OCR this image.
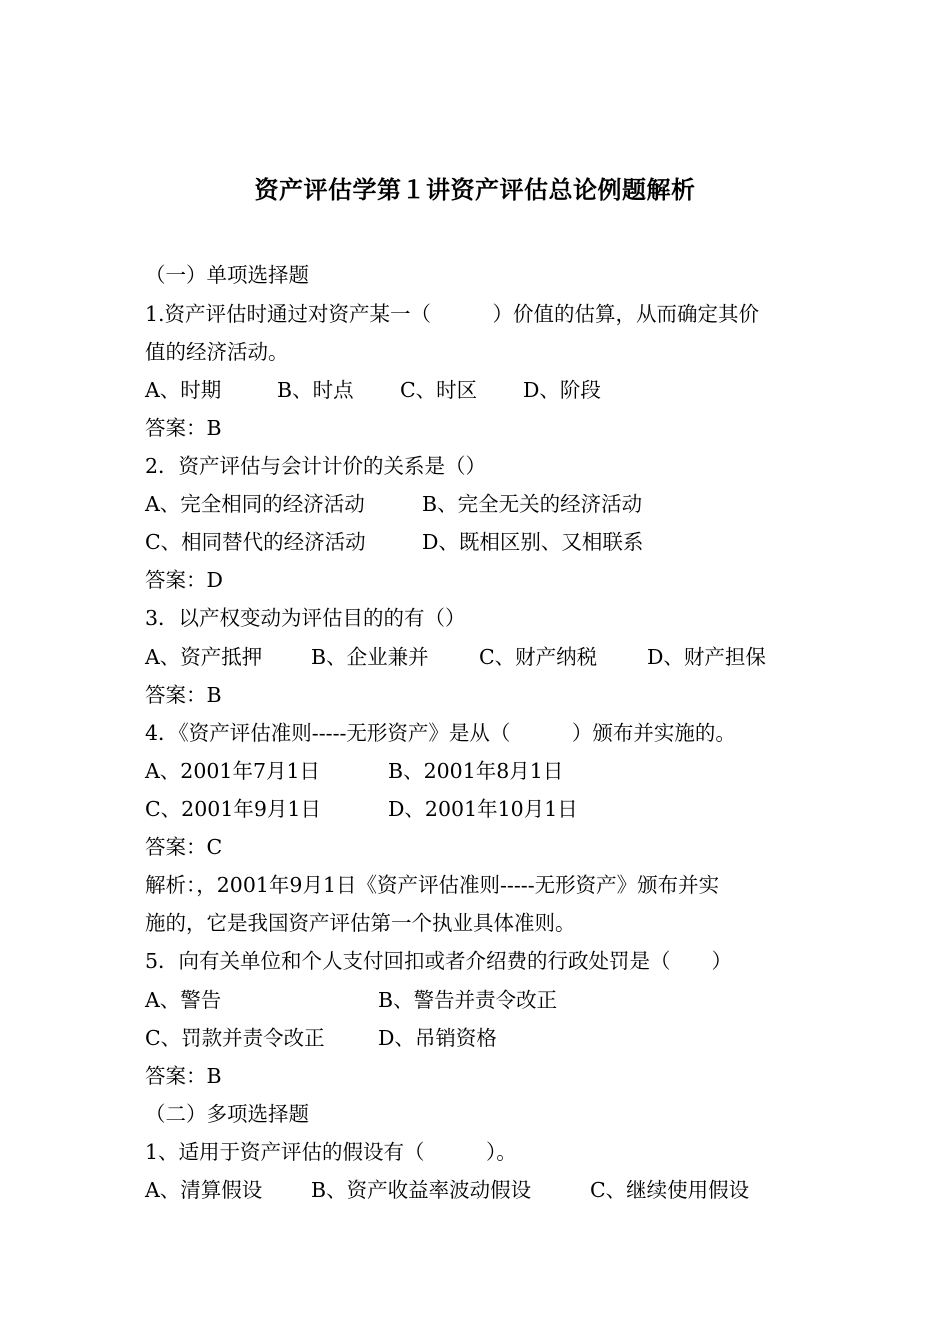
资产评估学第１讲资产评估总论例题解析
（一）单项选择题
1.资产评估时通过对资产某一（　　　）价值的估算，从而确定其价
值的经济活动。
A、时期	B、时点 C、时区 D、阶段
答案：B
2．资产评估与会计计价的关系是（）
A、完全相同的经济活动	B、完全无关的经济活动
C、相同替代的经济活动	D、既相区别、又相联系
答案：D
3．以产权变动为评估目的的有（）
A、资产抵押 B、企业兼并 C、财产纳税 D、财产担保
答案：B
4．《资产评估准则-----无形资产》是从（　　　）颁布并实施的。
A、2001年7月1日	B、2001年8月1日
C、2001年9月1日	D、2001年10月1日
答案：C
解析：，2001年9月1日《资产评估准则-----无形资产》颁布并实
施的，它是我国资产评估第一个执业具体准则。
5．向有关单位和个人支付回扣或者介绍费的行政处罚是（　　）
A、警告	B、警告并责令改正
C、罚款并责令改正	D、吊销资格
答案：B
（二）多项选择题
1、适用于资产评估的假设有（　　　）。
A、清算假设 B、资产收益率波动假设	C、继续使用假设
